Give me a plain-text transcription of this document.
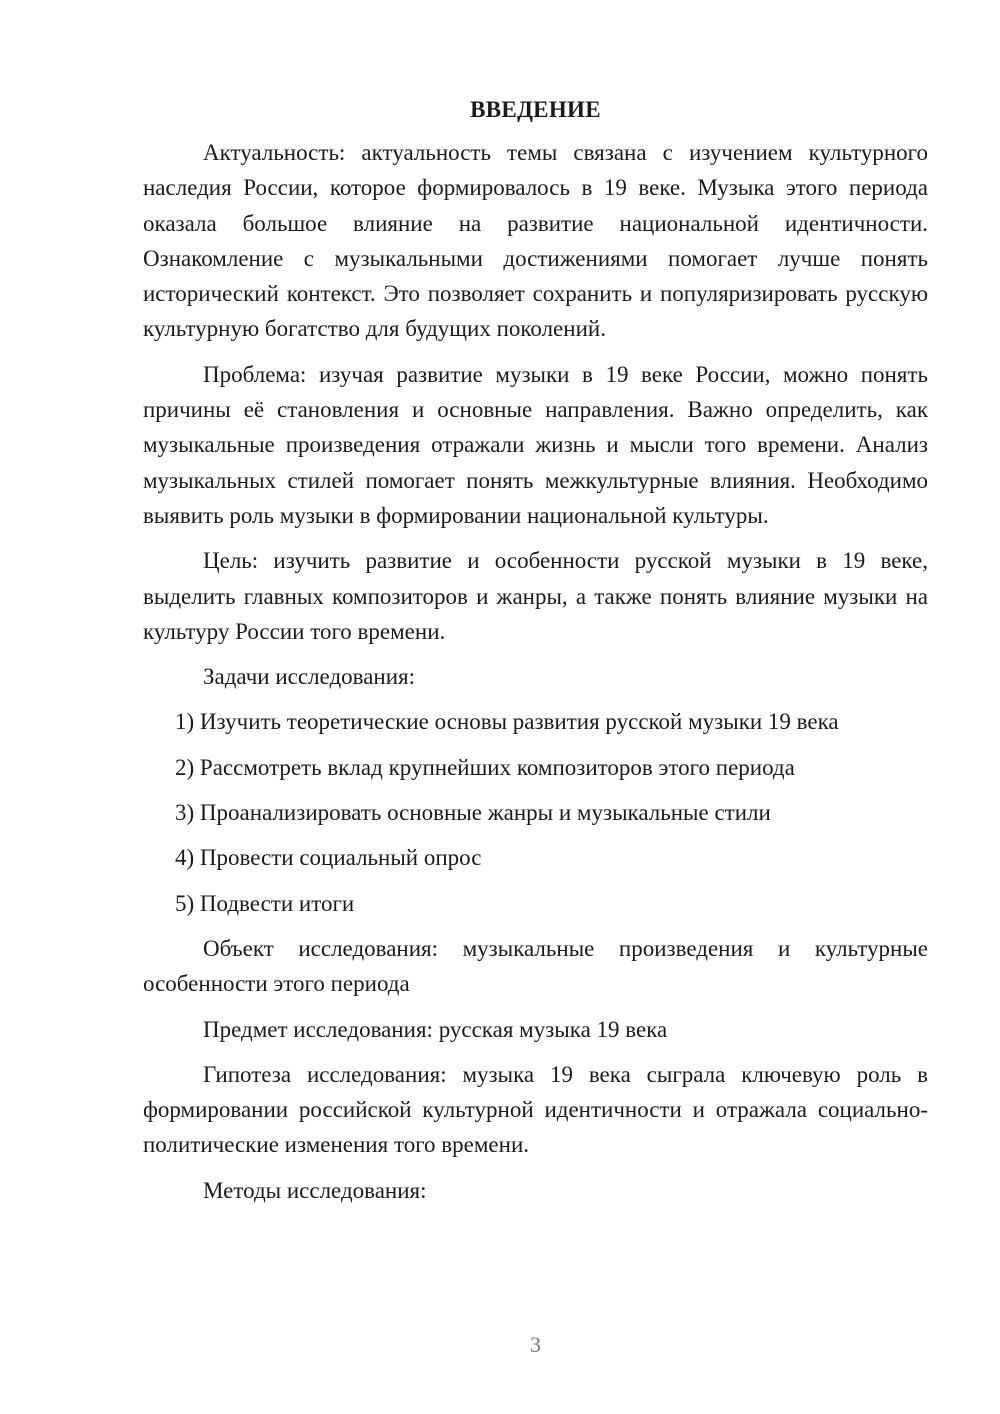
ВВЕДЕНИЕ

Актуальность: актуальность темы связана с изучением культурного наследия России, которое формировалось в 19 веке. Музыка этого периода оказала большое влияние на развитие национальной идентичности. Ознакомление с музыкальными достижениями помогает лучше понять исторический контекст. Это позволяет сохранить и популяризировать русскую культурную богатство для будущих поколений.

Проблема: изучая развитие музыки в 19 веке России, можно понять причины её становления и основные направления. Важно определить, как музыкальные произведения отражали жизнь и мысли того времени. Анализ музыкальных стилей помогает понять межкультурные влияния. Необходимо выявить роль музыки в формировании национальной культуры.

Цель: изучить развитие и особенности русской музыки в 19 веке, выделить главных композиторов и жанры, а также понять влияние музыки на культуру России того времени.

Задачи исследования:

1) Изучить теоретические основы развития русской музыки 19 века
2) Рассмотреть вклад крупнейших композиторов этого периода
3) Проанализировать основные жанры и музыкальные стили
4) Провести социальный опрос
5) Подвести итоги

Объект исследования: музыкальные произведения и культурные особенности этого периода

Предмет исследования: русская музыка 19 века

Гипотеза исследования: музыка 19 века сыграла ключевую роль в формировании российской культурной идентичности и отражала социально-политические изменения того времени.

Методы исследования:

3
